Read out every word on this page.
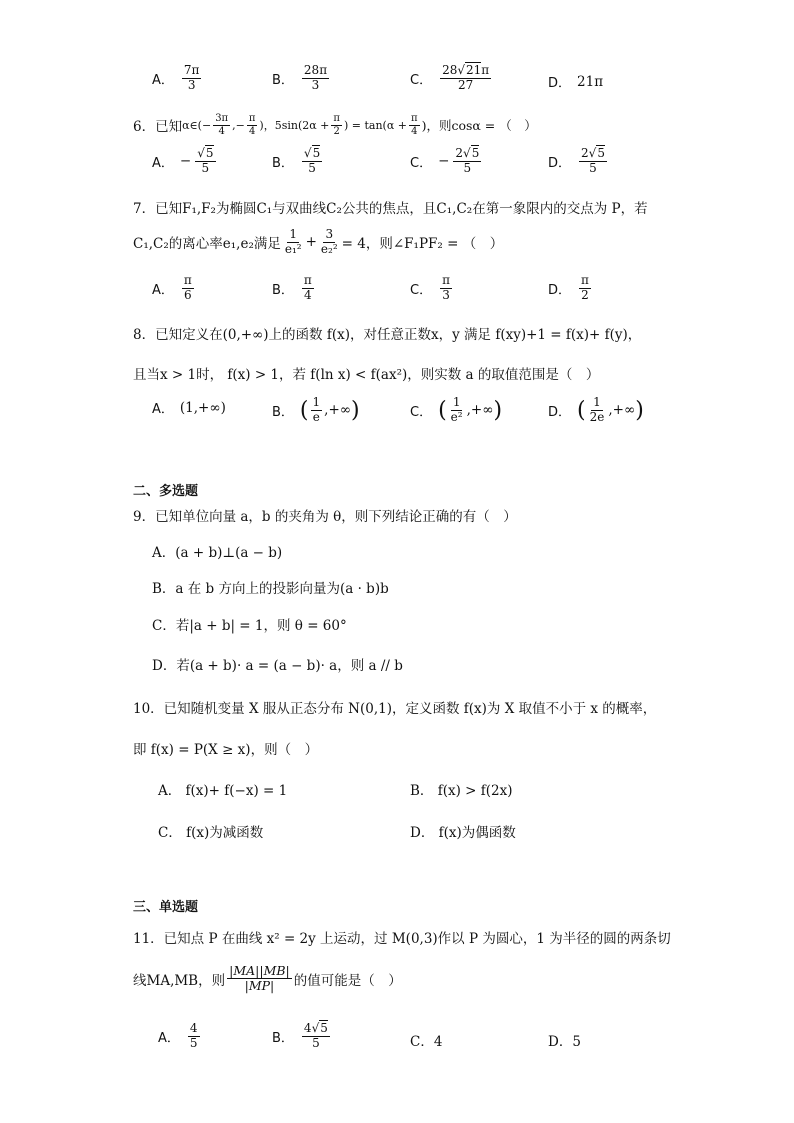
A． $\frac{7\pi}{3}$	B． $\frac{28\pi}{3}$	C． $\frac{28√21\pi}{27}$	D． 21π
6．已知 α∈(− $\frac{3\pi}{4}$ ,− $\frac{\pi}{4}$ )，$5\sin(2\alpha + \frac{\pi}{2}$ ) = $\tan(\alpha + \frac{\pi}{4}$ )，则cosα = （　）
A． − $\frac{√5}{5}$	B． $\frac{√5}{5}$	C． − $\frac{2√5}{5}$	D． $\frac{2√5}{5}$
7．已知F₁,F₂为椭圆C₁与双曲线C₂公共的焦点，且C₁,C₂在第一象限内的交点为 P，若
C₁,C₂的离心率e₁,e₂满足 $\frac{1}{\text{e₁²}} + \frac{3}{\text{e₂²}} = 4$，则∠F₁PF₂ = （　）
A． $\frac{\pi}{6}$	B． $\frac{\pi}{4}$	C． $\frac{\pi}{3}$	D． $\frac{\pi}{2}$
8．已知定义在(0,+∞)上的函数 f(x)，对任意正数x，y 满足 f(xy)+1 = f(x)+ f(y)，
且当x > 1时， f(x) > 1，若 f(ln x) < f(ax²)，则实数 a 的取值范围是（　）
A． (1,+∞)	B． ( $\frac{1}{e}$ ,+∞ )	C． ( $\frac{1}{\text{e²}}$ ,+∞ )	D． ( $\frac{1}{2e}$ ,+∞ )
二、多选题
9．已知单位向量 a，b 的夹角为 θ，则下列结论正确的有（　）
A．(a + b)⊥(a − b)
B．a 在 b 方向上的投影向量为(a · b)b
C．若|a + b| = 1，则 θ = 60°
D．若(a + b)· a = (a − b)· a，则 a // b
10．已知随机变量 X 服从正态分布 N(0,1)，定义函数 f(x)为 X 取值不小于 x 的概率，
即 f(x) = P(X ≥ x)，则（　）
A． f(x)+ f(−x) = 1	B． f(x) > f(2x)
C． f(x)为减函数	D． f(x)为偶函数
三、单选题
11．已知点 P 在曲线 x² = 2y 上运动，过 M(0,3)作以 P 为圆心，1 为半径的圆的两条切
线MA,MB，则 $\frac{|MA||MB|}{|MP|}$ 的值可能是（　）
A． $\frac{4}{5}$	B． $\frac{4√5}{5}$	C．4	D．5
